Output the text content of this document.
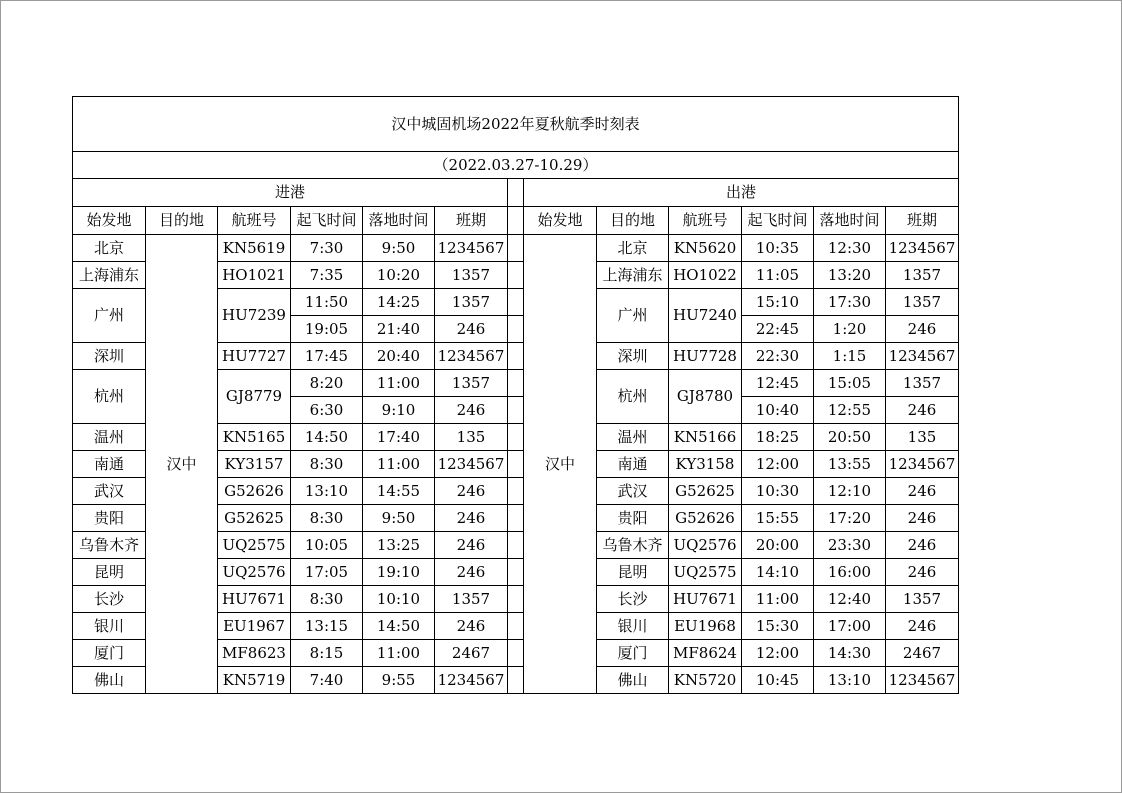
汉中城固机场2022年夏秋航季时刻表												
（2022.03.27-10.29）												
进港							出港					
始发地	目的地	航班号	起飞时间	落地时间	班期		始发地	目的地	航班号	起飞时间	落地时间	班期
北京	汉中	KN5619	7:30	9:50	1234567		汉中	北京	KN5620	10:35	12:30	1234567
上海浦东		HO1021	7:35	10:20	1357			上海浦东	HO1022	11:05	13:20	1357
广州		HU7239	11:50	14:25	1357			广州	HU7240	15:10	17:30	1357
			19:05	21:40	246					22:45	1:20	246
深圳		HU7727	17:45	20:40	1234567			深圳	HU7728	22:30	1:15	1234567
杭州		GJ8779	8:20	11:00	1357			杭州	GJ8780	12:45	15:05	1357
			6:30	9:10	246					10:40	12:55	246
温州		KN5165	14:50	17:40	135			温州	KN5166	18:25	20:50	135
南通		KY3157	8:30	11:00	1234567			南通	KY3158	12:00	13:55	1234567
武汉		G52626	13:10	14:55	246			武汉	G52625	10:30	12:10	246
贵阳		G52625	8:30	9:50	246			贵阳	G52626	15:55	17:20	246
乌鲁木齐		UQ2575	10:05	13:25	246			乌鲁木齐	UQ2576	20:00	23:30	246
昆明		UQ2576	17:05	19:10	246			昆明	UQ2575	14:10	16:00	246
长沙		HU7671	8:30	10:10	1357			长沙	HU7671	11:00	12:40	1357
银川		EU1967	13:15	14:50	246			银川	EU1968	15:30	17:00	246
厦门		MF8623	8:15	11:00	2467			厦门	MF8624	12:00	14:30	2467
佛山		KN5719	7:40	9:55	1234567			佛山	KN5720	10:45	13:10	1234567
